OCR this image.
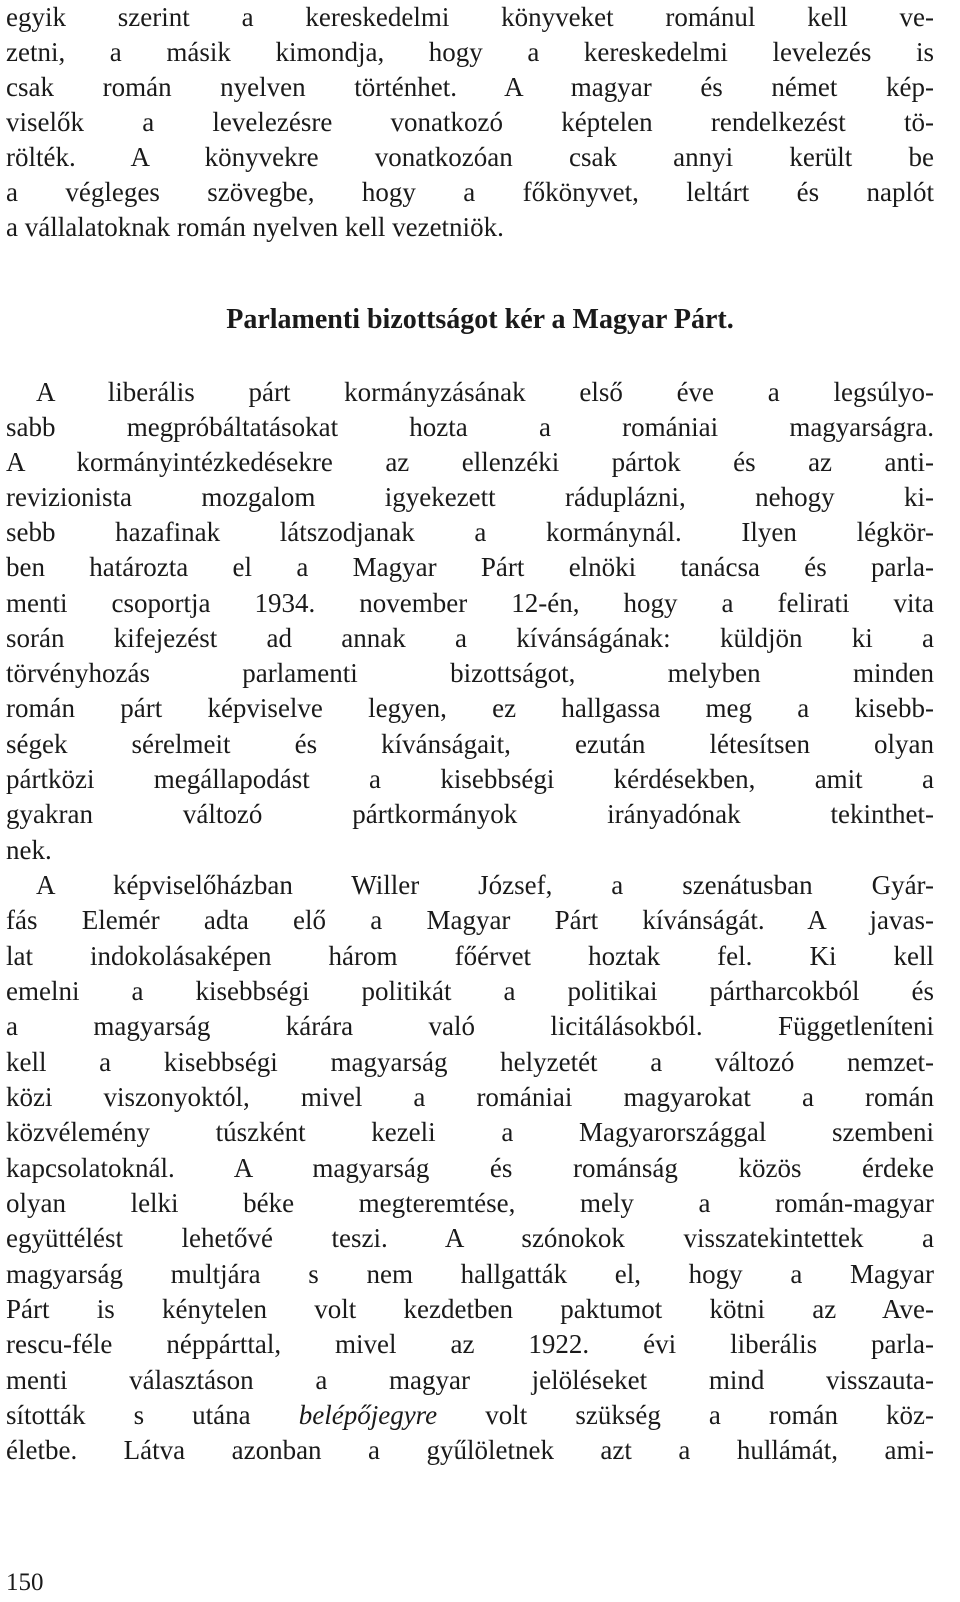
egyik szerint a kereskedelmi könyveket románul kell ve-
zetni, a másik kimondja, hogy a kereskedelmi levelezés is
csak román nyelven történhet. A magyar és német kép-
viselők a levelezésre vonatkozó képtelen rendelkezést tö-
rölték. A könyvekre vonatkozóan csak annyi került be
a végleges szövegbe, hogy a főkönyvet, leltárt és naplót
a vállalatoknak román nyelven kell vezetniök.
Parlamenti bizottságot kér a Magyar Párt.
A liberális párt kormányzásának első éve a legsúlyo-
sabb megpróbáltatásokat hozta a romániai magyarságra.
A kormányintézkedésekre az ellenzéki pártok és az anti-
revizionista mozgalom igyekezett ráduplázni, nehogy ki-
sebb hazafinak látszodjanak a kormánynál. Ilyen légkör-
ben határozta el a Magyar Párt elnöki tanácsa és parla-
menti csoportja 1934. november 12-én, hogy a felirati vita
során kifejezést ad annak a kívánságának: küldjön ki a
törvényhozás parlamenti bizottságot, melyben minden
román párt képviselve legyen, ez hallgassa meg a kisebb-
ségek sérelmeit és kívánságait, ezután létesítsen olyan
pártközi megállapodást a kisebbségi kérdésekben, amit a
gyakran változó pártkormányok irányadónak tekinthet-
nek.
A képviselőházban Willer József, a szenátusban Gyár-
fás Elemér adta elő a Magyar Párt kívánságát. A javas-
lat indokolásaképen három főérvet hoztak fel. Ki kell
emelni a kisebbségi politikát a politikai pártharcokból és
a magyarság kárára való licitálásokból. Függetleníteni
kell a kisebbségi magyarság helyzetét a változó nemzet-
közi viszonyoktól, mivel a romániai magyarokat a román
közvélemény túszként kezeli a Magyarországgal szembeni
kapcsolatoknál. A magyarság és románság közös érdeke
olyan lelki béke megteremtése, mely a román-magyar
együttélést lehetővé teszi. A szónokok visszatekintettek a
magyarság multjára s nem hallgatták el, hogy a Magyar
Párt is kénytelen volt kezdetben paktumot kötni az Ave-
rescu-féle néppárttal, mivel az 1922. évi liberális parla-
menti választáson a magyar jelöléseket mind visszauta-
sították s utána belépőjegyre volt szükség a román köz-
életbe. Látva azonban a gyűlöletnek azt a hullámát, ami-
150
